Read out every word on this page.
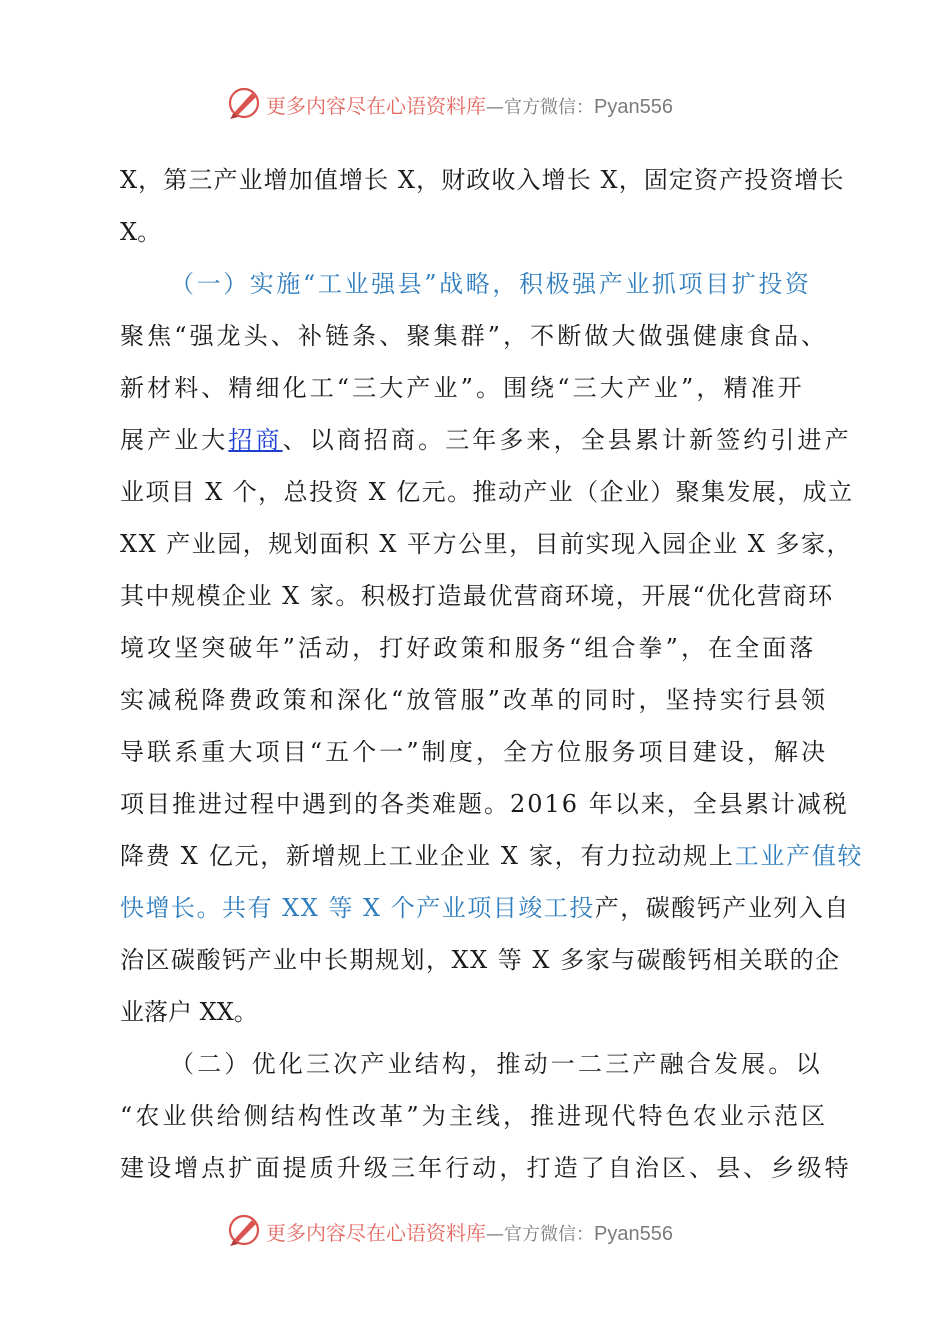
更多内容尽在心语资料库—官方微信：Pyan556
X，第三产业增加值增长 X，财政收入增长 X，固定资产投资增长
X。
（一）实施“工业强县”战略，积极强产业抓项目扩投资
聚焦“强龙头、补链条、聚集群”，不断做大做强健康食品、
新材料、精细化工“三大产业”。围绕“三大产业”，精准开
展产业大招商、以商招商。三年多来，全县累计新签约引进产
业项目 X 个，总投资 X 亿元。推动产业（企业）聚集发展，成立
XX 产业园，规划面积 X 平方公里，目前实现入园企业 X 多家，
其中规模企业 X 家。积极打造最优营商环境，开展“优化营商环
境攻坚突破年”活动，打好政策和服务“组合拳”，在全面落
实减税降费政策和深化“放管服”改革的同时，坚持实行县领
导联系重大项目“五个一”制度，全方位服务项目建设，解决
项目推进过程中遇到的各类难题。2016 年以来，全县累计减税
降费 X 亿元，新增规上工业企业 X 家，有力拉动规上工业产值较
快增长。共有 XX 等 X 个产业项目竣工投产，碳酸钙产业列入自
治区碳酸钙产业中长期规划，XX 等 X 多家与碳酸钙相关联的企
业落户 XX。
（二）优化三次产业结构，推动一二三产融合发展。以
“农业供给侧结构性改革”为主线，推进现代特色农业示范区
建设增点扩面提质升级三年行动，打造了自治区、县、乡级特
更多内容尽在心语资料库—官方微信：Pyan556
